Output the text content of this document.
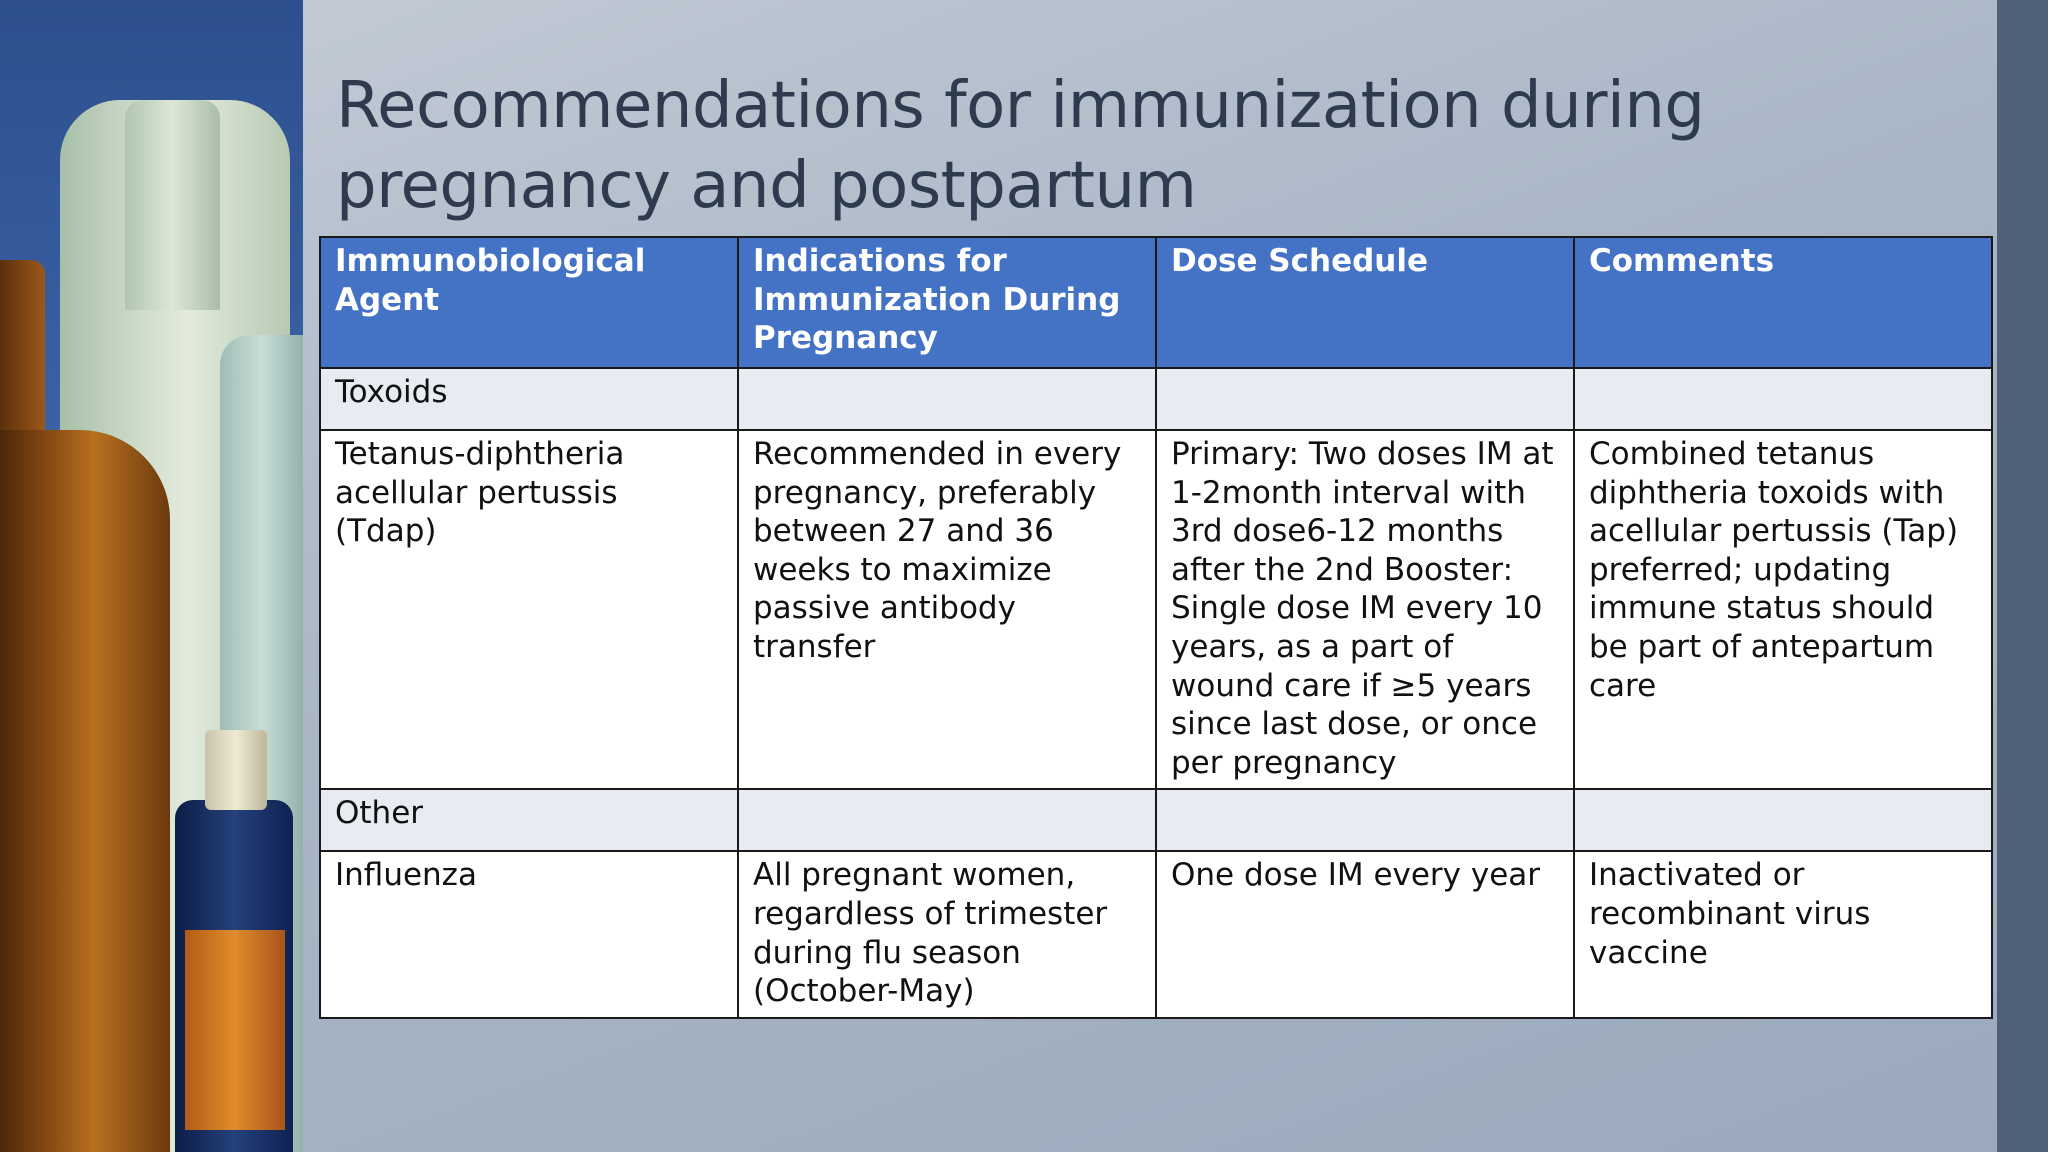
Recommendations for immunization during pregnancy and postpartum
Immunobiological Agent	Indications for Immunization During Pregnancy	Dose Schedule	Comments
Toxoids			
Tetanus-diphtheria acellular pertussis (Tdap)	Recommended in every pregnancy, preferably between 27 and 36 weeks to maximize passive antibody transfer	Primary: Two doses IM at 1-2month interval with 3rd dose6-12 months after the 2nd Booster: Single dose IM every 10 years, as a part of wound care if ≥5 years since last dose, or once per pregnancy	Combined tetanus diphtheria toxoids with acellular pertussis (Tap) preferred; updating immune status should be part of antepartum care
Other			
Influenza	All pregnant women, regardless of trimester during flu season (October-May)	One dose IM every year	Inactivated or recombinant virus vaccine
